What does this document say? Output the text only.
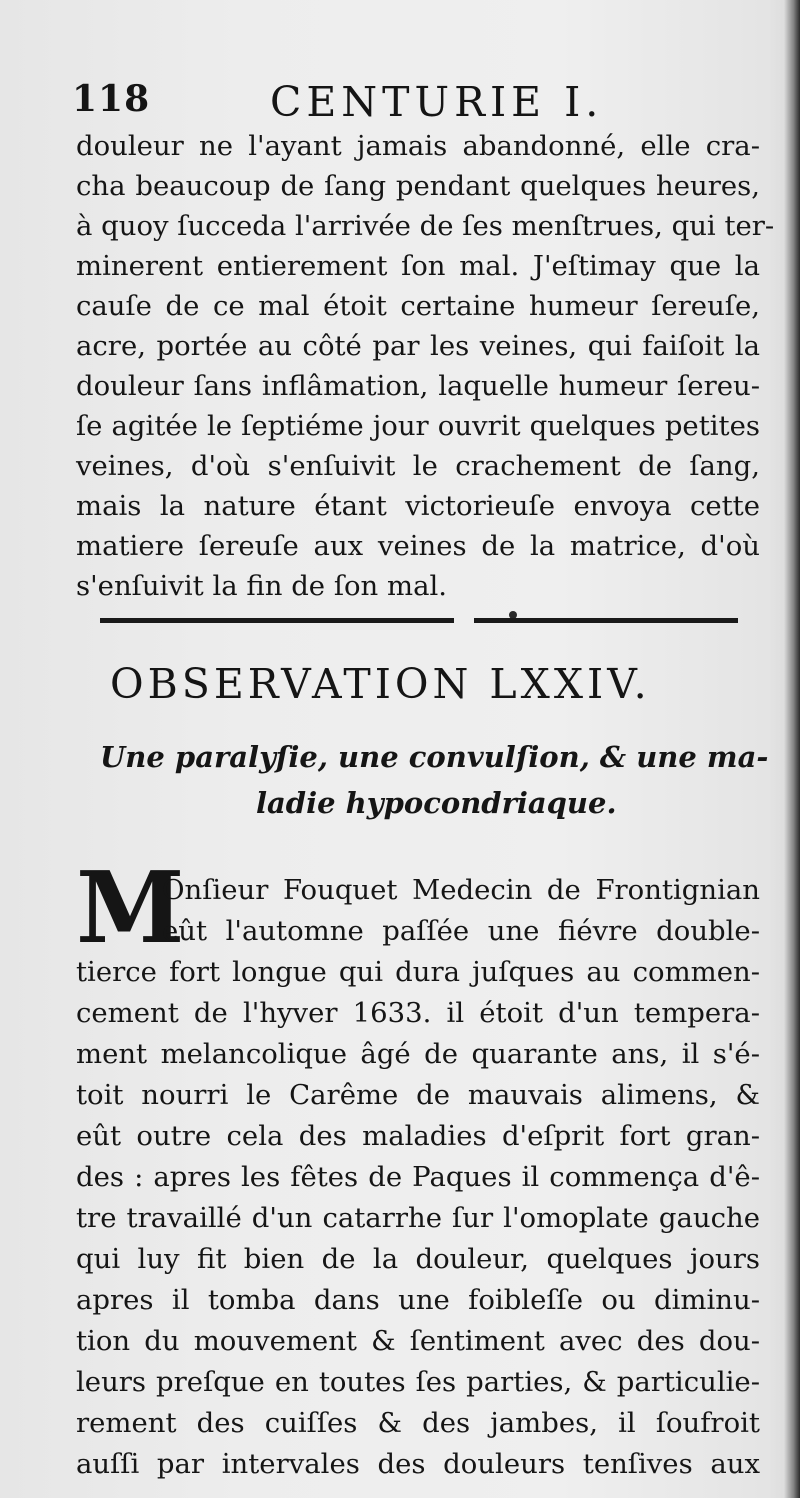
118	CENTURIE I.
douleur ne l'ayant jamais abandonné, elle cra-
cha beaucoup de ſang pendant quelques heures,
à quoy ſucceda l'arrivée de ſes menſtrues, qui ter-
minerent entierement ſon mal. J'eſtimay que la
cauſe de ce mal étoit certaine humeur ſereuſe,
acre, portée au côté par les veines, qui faiſoit la
douleur ſans inflâmation, laquelle humeur ſereu-
ſe agitée le ſeptiéme jour ouvrit quelques petites
veines, d'où s'enſuivit le crachement de ſang,
mais la nature étant victorieuſe envoya cette
matiere ſereuſe aux veines de la matrice, d'où
s'enſuivit la fin de ſon mal.
OBSERVATION LXXIV.
Une paralyſie, une convulſion, & une ma-
ladie hypocondriaque.
M
Onſieur Fouquet Medecin de Frontignian
eût l'automne paſſée une fiévre double-
tierce fort longue qui dura juſques au commen-
cement de l'hyver 1633. il étoit d'un tempera-
ment melancolique âgé de quarante ans, il s'é-
toit nourri le Carême de mauvais alimens, &
eût outre cela des maladies d'eſprit fort gran-
des : apres les fêtes de Paques il commença d'ê-
tre travaillé d'un catarrhe ſur l'omoplate gauche
qui luy fit bien de la douleur, quelques jours
apres il tomba dans une foibleſſe ou diminu-
tion du mouvement & ſentiment avec des dou-
leurs preſque en toutes ſes parties, & particulie-
rement des cuiſſes & des jambes, il ſoufroit
auſſi par intervales des douleurs tenſives aux
